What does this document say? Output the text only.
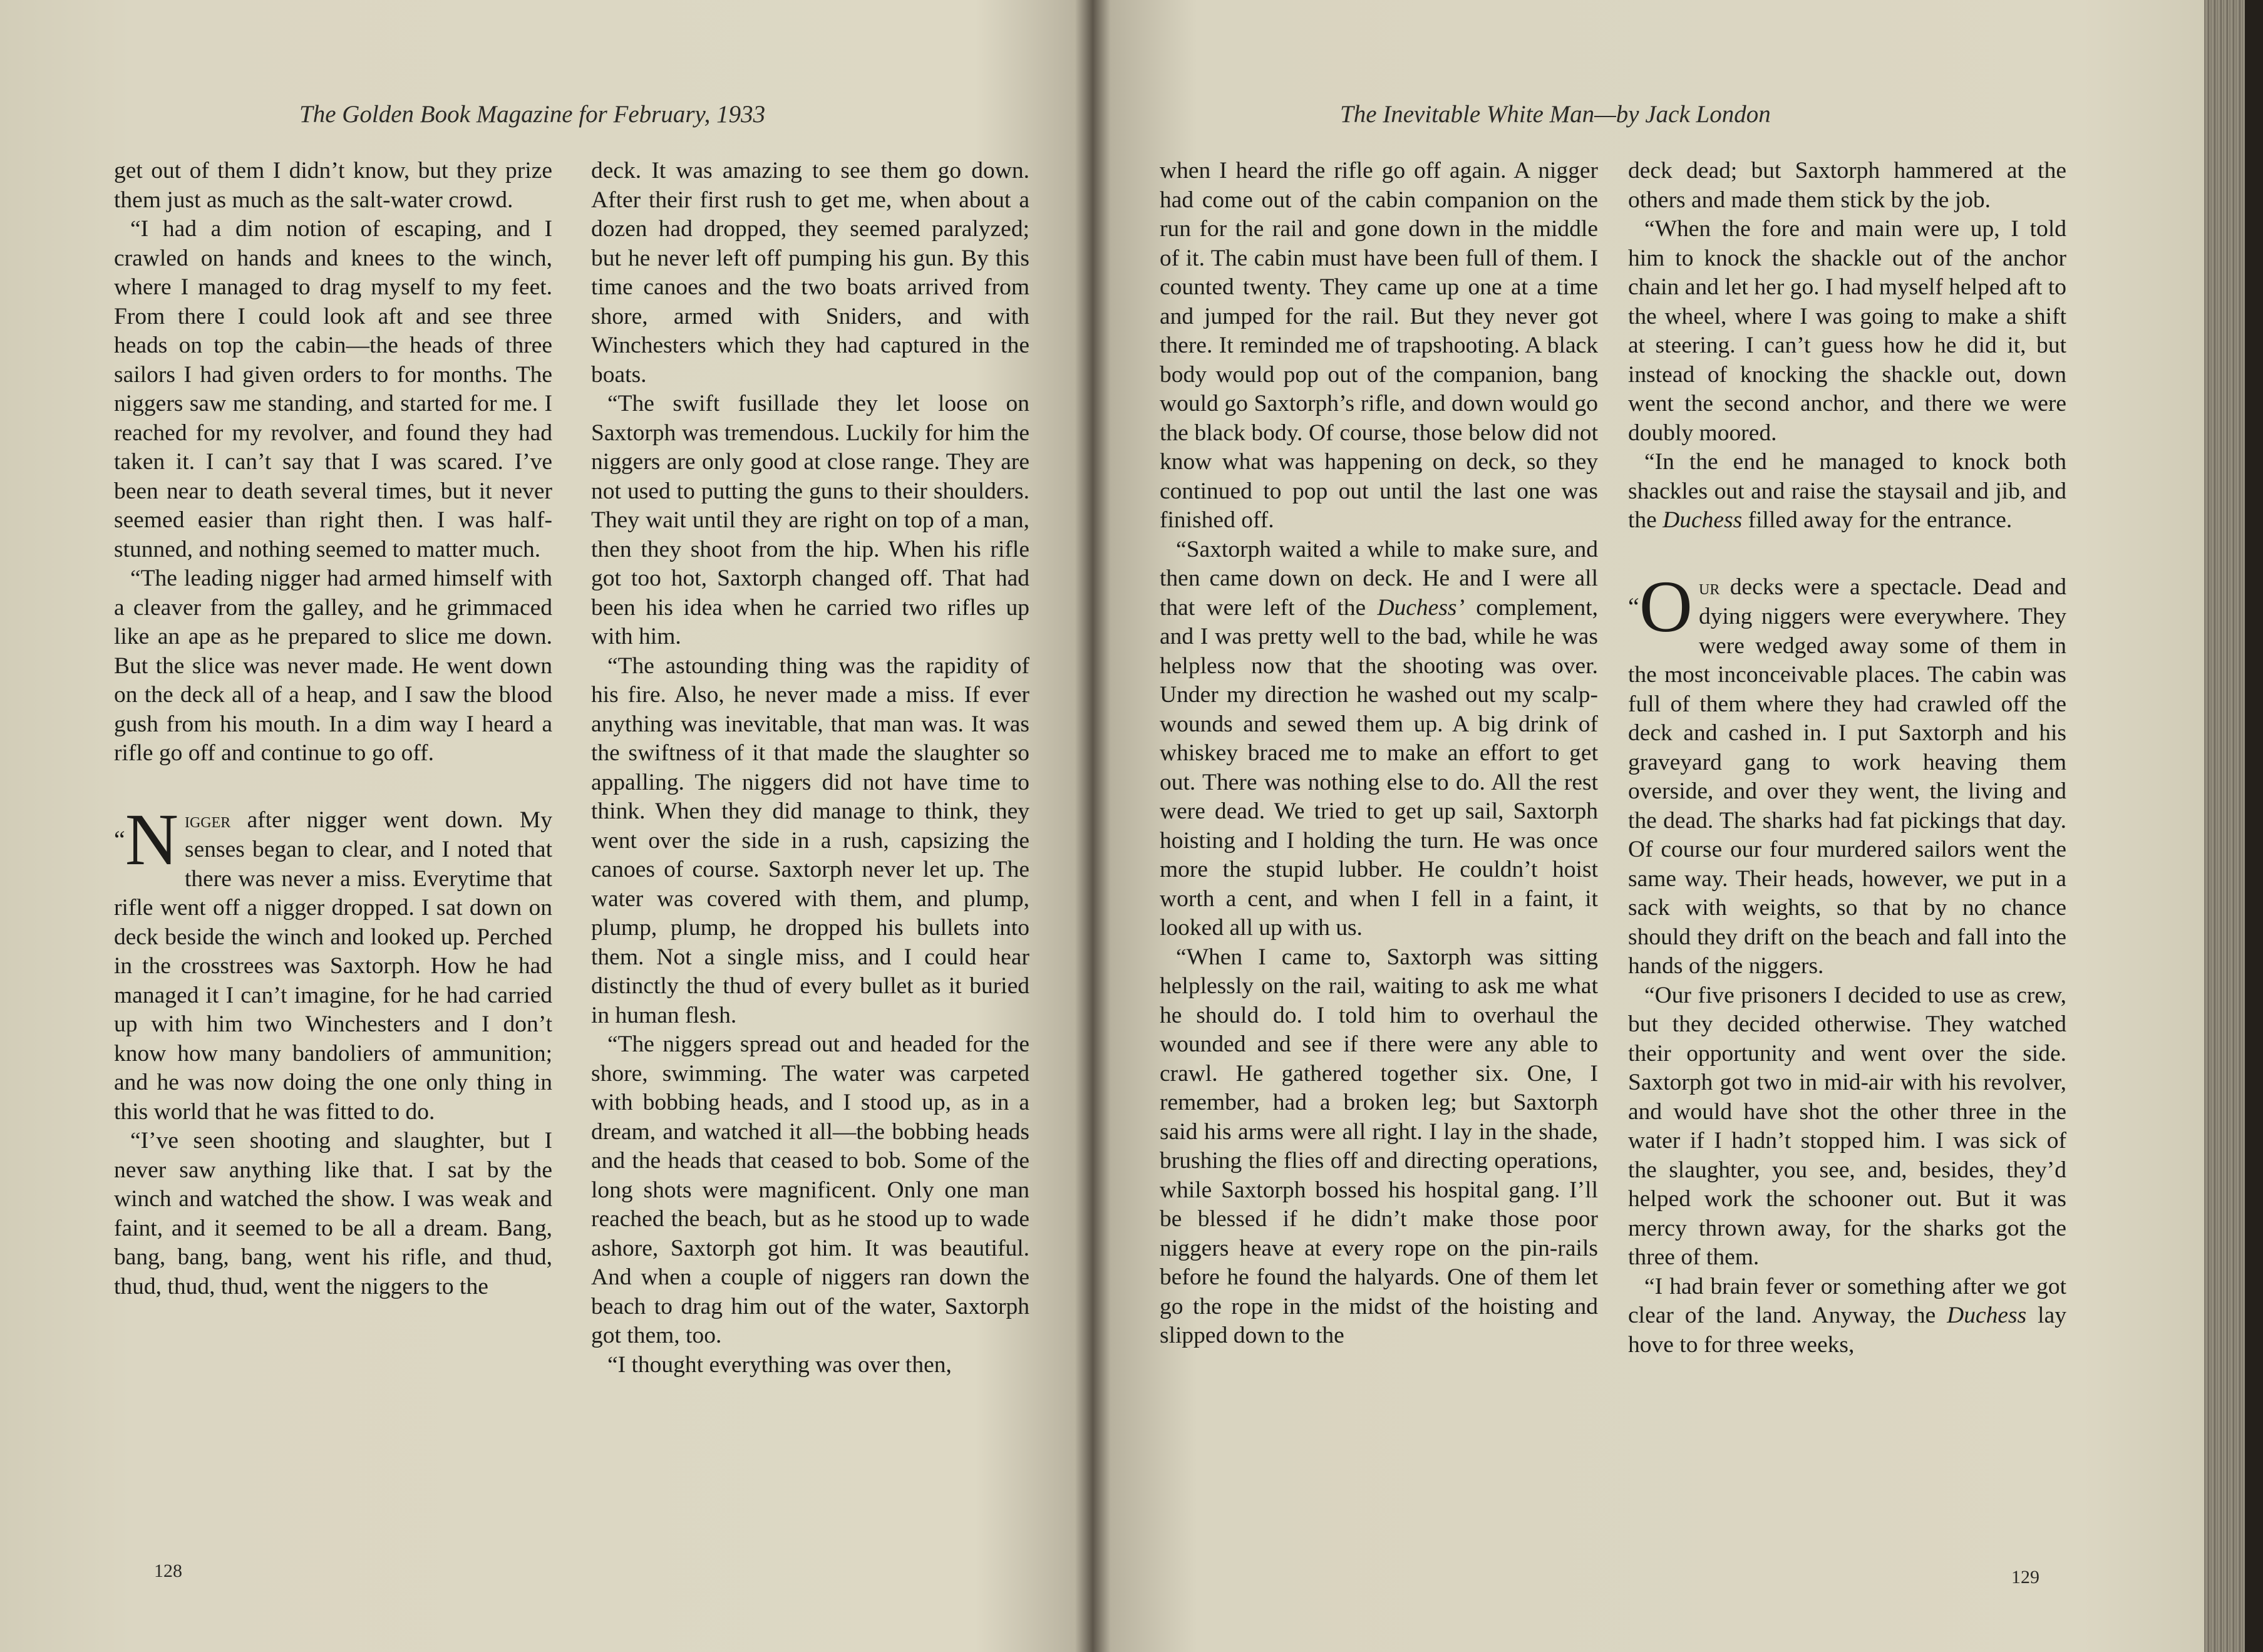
The Golden Book Magazine for February, 1933

get out of them I didn’t know, but they prize them just as much as the salt-water crowd.

“I had a dim notion of escaping, and I crawled on hands and knees to the winch, where I managed to drag myself to my feet. From there I could look aft and see three heads on top the cabin—the heads of three sailors I had given orders to for months. The niggers saw me standing, and started for me. I reached for my revolver, and found they had taken it. I can’t say that I was scared. I’ve been near to death several times, but it never seemed easier than right then. I was half-stunned, and nothing seemed to matter much.

“The leading nigger had armed himself with a cleaver from the galley, and he grimmaced like an ape as he prepared to slice me down. But the slice was never made. He went down on the deck all of a heap, and I saw the blood gush from his mouth. In a dim way I heard a rifle go off and continue to go off.

“N igger after nigger went down. My senses began to clear, and I noted that there was never a miss. Everytime that rifle went off a nigger dropped. I sat down on deck beside the winch and looked up. Perched in the crosstrees was Saxtorph. How he had managed it I can’t imagine, for he had carried up with him two Winchesters and I don’t know how many bandoliers of ammunition; and he was now doing the one only thing in this world that he was fitted to do.

“I’ve seen shooting and slaughter, but I never saw anything like that. I sat by the winch and watched the show. I was weak and faint, and it seemed to be all a dream. Bang, bang, bang, bang, went his rifle, and thud, thud, thud, thud, went the niggers to the

deck. It was amazing to see them go down. After their first rush to get me, when about a dozen had dropped, they seemed paralyzed; but he never left off pumping his gun. By this time canoes and the two boats arrived from shore, armed with Sniders, and with Winchesters which they had captured in the boats.

“The swift fusillade they let loose on Saxtorph was tremendous. Luckily for him the niggers are only good at close range. They are not used to putting the guns to their shoulders. They wait until they are right on top of a man, then they shoot from the hip. When his rifle got too hot, Saxtorph changed off. That had been his idea when he carried two rifles up with him.

“The astounding thing was the rapidity of his fire. Also, he never made a miss. If ever anything was inevitable, that man was. It was the swiftness of it that made the slaughter so appalling. The niggers did not have time to think. When they did manage to think, they went over the side in a rush, capsizing the canoes of course. Saxtorph never let up. The water was covered with them, and plump, plump, plump, he dropped his bullets into them. Not a single miss, and I could hear distinctly the thud of every bullet as it buried in human flesh.

“The niggers spread out and headed for the shore, swimming. The water was carpeted with bobbing heads, and I stood up, as in a dream, and watched it all—the bobbing heads and the heads that ceased to bob. Some of the long shots were magnificent. Only one man reached the beach, but as he stood up to wade ashore, Saxtorph got him. It was beautiful. And when a couple of niggers ran down the beach to drag him out of the water, Saxtorph got them, too.

“I thought everything was over then,

128
The Inevitable White Man—by Jack London

when I heard the rifle go off again. A nigger had come out of the cabin companion on the run for the rail and gone down in the middle of it. The cabin must have been full of them. I counted twenty. They came up one at a time and jumped for the rail. But they never got there. It reminded me of trapshooting. A black body would pop out of the companion, bang would go Saxtorph’s rifle, and down would go the black body. Of course, those below did not know what was happening on deck, so they continued to pop out until the last one was finished off.

“Saxtorph waited a while to make sure, and then came down on deck. He and I were all that were left of the Duchess’ complement, and I was pretty well to the bad, while he was helpless now that the shooting was over. Under my direction he washed out my scalp-wounds and sewed them up. A big drink of whiskey braced me to make an effort to get out. There was nothing else to do. All the rest were dead. We tried to get up sail, Saxtorph hoisting and I holding the turn. He was once more the stupid lubber. He couldn’t hoist worth a cent, and when I fell in a faint, it looked all up with us.

“When I came to, Saxtorph was sitting helplessly on the rail, waiting to ask me what he should do. I told him to overhaul the wounded and see if there were any able to crawl. He gathered together six. One, I remember, had a broken leg; but Saxtorph said his arms were all right. I lay in the shade, brushing the flies off and directing operations, while Saxtorph bossed his hospital gang. I’ll be blessed if he didn’t make those poor niggers heave at every rope on the pin-rails before he found the halyards. One of them let go the rope in the midst of the hoisting and slipped down to the

deck dead; but Saxtorph hammered at the others and made them stick by the job.

“When the fore and main were up, I told him to knock the shackle out of the anchor chain and let her go. I had myself helped aft to the wheel, where I was going to make a shift at steering. I can’t guess how he did it, but instead of knocking the shackle out, down went the second anchor, and there we were doubly moored.

“In the end he managed to knock both shackles out and raise the staysail and jib, and the Duchess filled away for the entrance.

“O ur decks were a spectacle. Dead and dying niggers were everywhere. They were wedged away some of them in the most inconceivable places. The cabin was full of them where they had crawled off the deck and cashed in. I put Saxtorph and his graveyard gang to work heaving them overside, and over they went, the living and the dead. The sharks had fat pickings that day. Of course our four murdered sailors went the same way. Their heads, however, we put in a sack with weights, so that by no chance should they drift on the beach and fall into the hands of the niggers.

“Our five prisoners I decided to use as crew, but they decided otherwise. They watched their opportunity and went over the side. Saxtorph got two in mid-air with his revolver, and would have shot the other three in the water if I hadn’t stopped him. I was sick of the slaughter, you see, and, besides, they’d helped work the schooner out. But it was mercy thrown away, for the sharks got the three of them.

“I had brain fever or something after we got clear of the land. Anyway, the Duchess lay hove to for three weeks,

129
